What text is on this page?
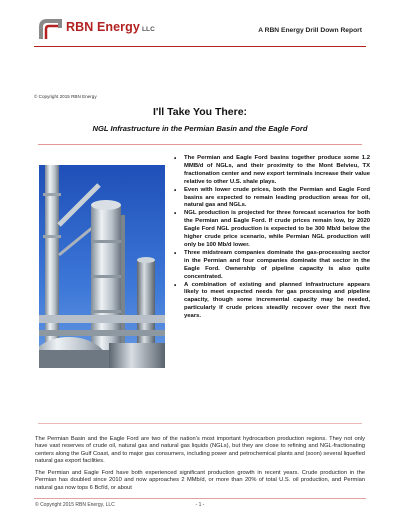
RBN Energy LLC	A RBN Energy Drill Down Report
© Copyright 2015 RBN Energy
I'll Take You There:
NGL Infrastructure in the Permian Basin and the Eagle Ford
• The Permian and Eagle Ford basins together produce some 1.2 MMB/d of NGLs, and their proximity to the Mont Belvieu, TX fractionation center and new export terminals increase their value relative to other U.S. shale plays.
• Even with lower crude prices, both the Permian and Eagle Ford basins are expected to remain leading production areas for oil, natural gas and NGLs.
• NGL production is projected for three forecast scenarios for both the Permian and Eagle Ford. If crude prices remain low, by 2020 Eagle Ford NGL production is expected to be 300 Mb/d below the higher crude price scenario, while Permian NGL production will only be 100 Mb/d lower.
• Three midstream companies dominate the gas-processing sector in the Permian and four companies dominate that sector in the Eagle Ford. Ownership of pipeline capacity is also quite concentrated.
• A combination of existing and planned infrastructure appears likely to meet expected needs for gas processing and pipeline capacity, though some incremental capacity may be needed, particularly if crude prices steadily recover over the next five years.

The Permian Basin and the Eagle Ford are two of the nation's most important hydrocarbon production regions. They not only have vast reserves of crude oil, natural gas and natural gas liquids (NGLs), but they are close to refining and NGL-fractionating centers along the Gulf Coast, and to major gas consumers, including power and petrochemical plants and (soon) several liquefied natural gas export facilities.

The Permian and Eagle Ford have both experienced significant production growth in recent years. Crude production in the Permian has doubled since 2010 and now approaches 2 MMb/d, or more than 20% of total U.S. oil production, and Permian natural gas now tops 6 Bcf/d, or about

© Copyright 2015 RBN Energy, LLC	- 1 -
